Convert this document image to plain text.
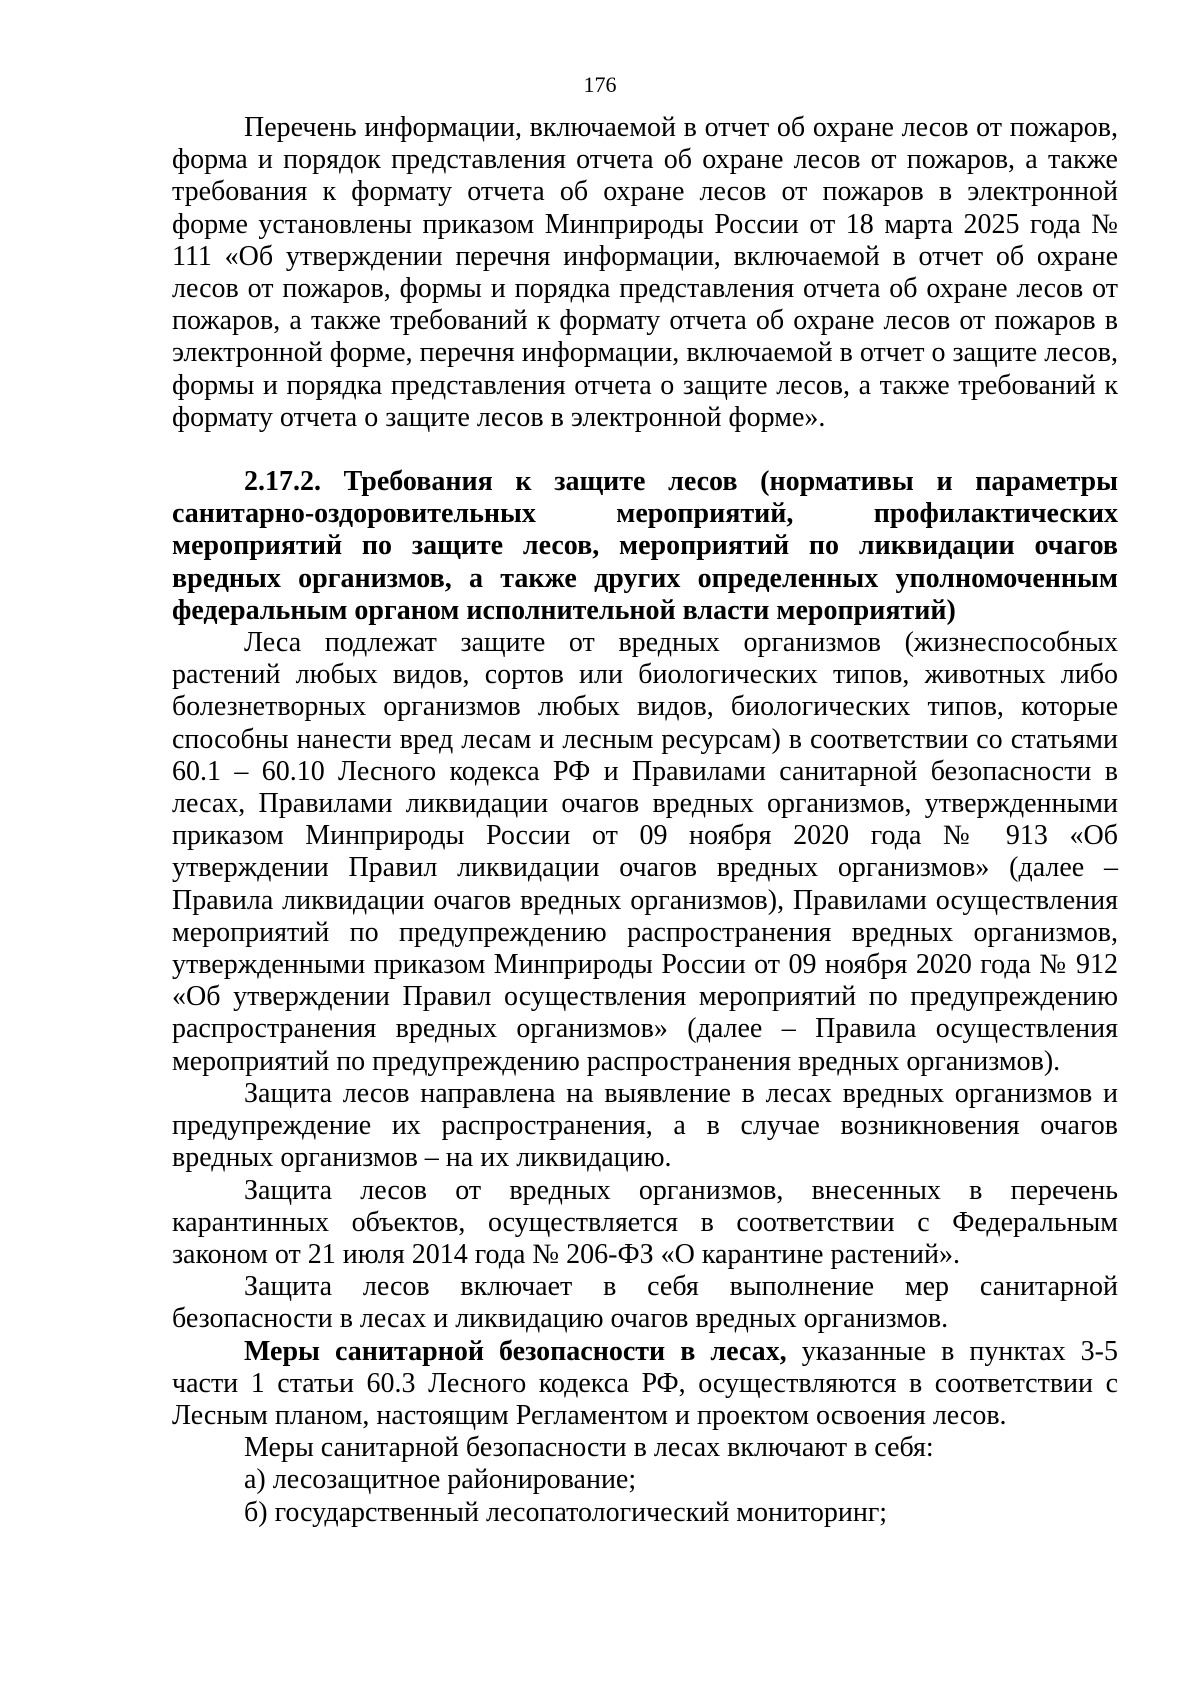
176

Перечень информации, включаемой в отчет об охране лесов от пожаров, форма и порядок представления отчета об охране лесов от пожаров, а также требования к формату отчета об охране лесов от пожаров в электронной форме установлены приказом Минприроды России от 18 марта 2025 года № 111 «Об утверждении перечня информации, включаемой в отчет об охране лесов от пожаров, формы и порядка представления отчета об охране лесов от пожаров, а также требований к формату отчета об охране лесов от пожаров в электронной форме, перечня информации, включаемой в отчет о защите лесов, формы и порядка представления отчета о защите лесов, а также требований к формату отчета о защите лесов в электронной форме».

2.17.2. Требования к защите лесов (нормативы и параметры санитарно-оздоровительных мероприятий, профилактических мероприятий по защите лесов, мероприятий по ликвидации очагов вредных организмов, а также других определенных уполномоченным федеральным органом исполнительной власти мероприятий)

Леса подлежат защите от вредных организмов (жизнеспособных растений любых видов, сортов или биологических типов, животных либо болезнетворных организмов любых видов, биологических типов, которые способны нанести вред лесам и лесным ресурсам) в соответствии со статьями 60.1 – 60.10 Лесного кодекса РФ и Правилами санитарной безопасности в лесах, Правилами ликвидации очагов вредных организмов, утвержденными приказом Минприроды России от 09 ноября 2020 года № 913 «Об утверждении Правил ликвидации очагов вредных организмов» (далее – Правила ликвидации очагов вредных организмов), Правилами осуществления мероприятий по предупреждению распространения вредных организмов, утвержденными приказом Минприроды России от 09 ноября 2020 года № 912 «Об утверждении Правил осуществления мероприятий по предупреждению распространения вредных организмов» (далее – Правила осуществления мероприятий по предупреждению распространения вредных организмов).

Защита лесов направлена на выявление в лесах вредных организмов и предупреждение их распространения, а в случае возникновения очагов вредных организмов – на их ликвидацию.

Защита лесов от вредных организмов, внесенных в перечень карантинных объектов, осуществляется в соответствии с Федеральным законом от 21 июля 2014 года № 206-ФЗ «О карантине растений».

Защита лесов включает в себя выполнение мер санитарной безопасности в лесах и ликвидацию очагов вредных организмов.

Меры санитарной безопасности в лесах, указанные в пунктах 3-5 части 1 статьи 60.3 Лесного кодекса РФ, осуществляются в соответствии с Лесным планом, настоящим Регламентом и проектом освоения лесов.

Меры санитарной безопасности в лесах включают в себя:

а) лесозащитное районирование;

б) государственный лесопатологический мониторинг;
